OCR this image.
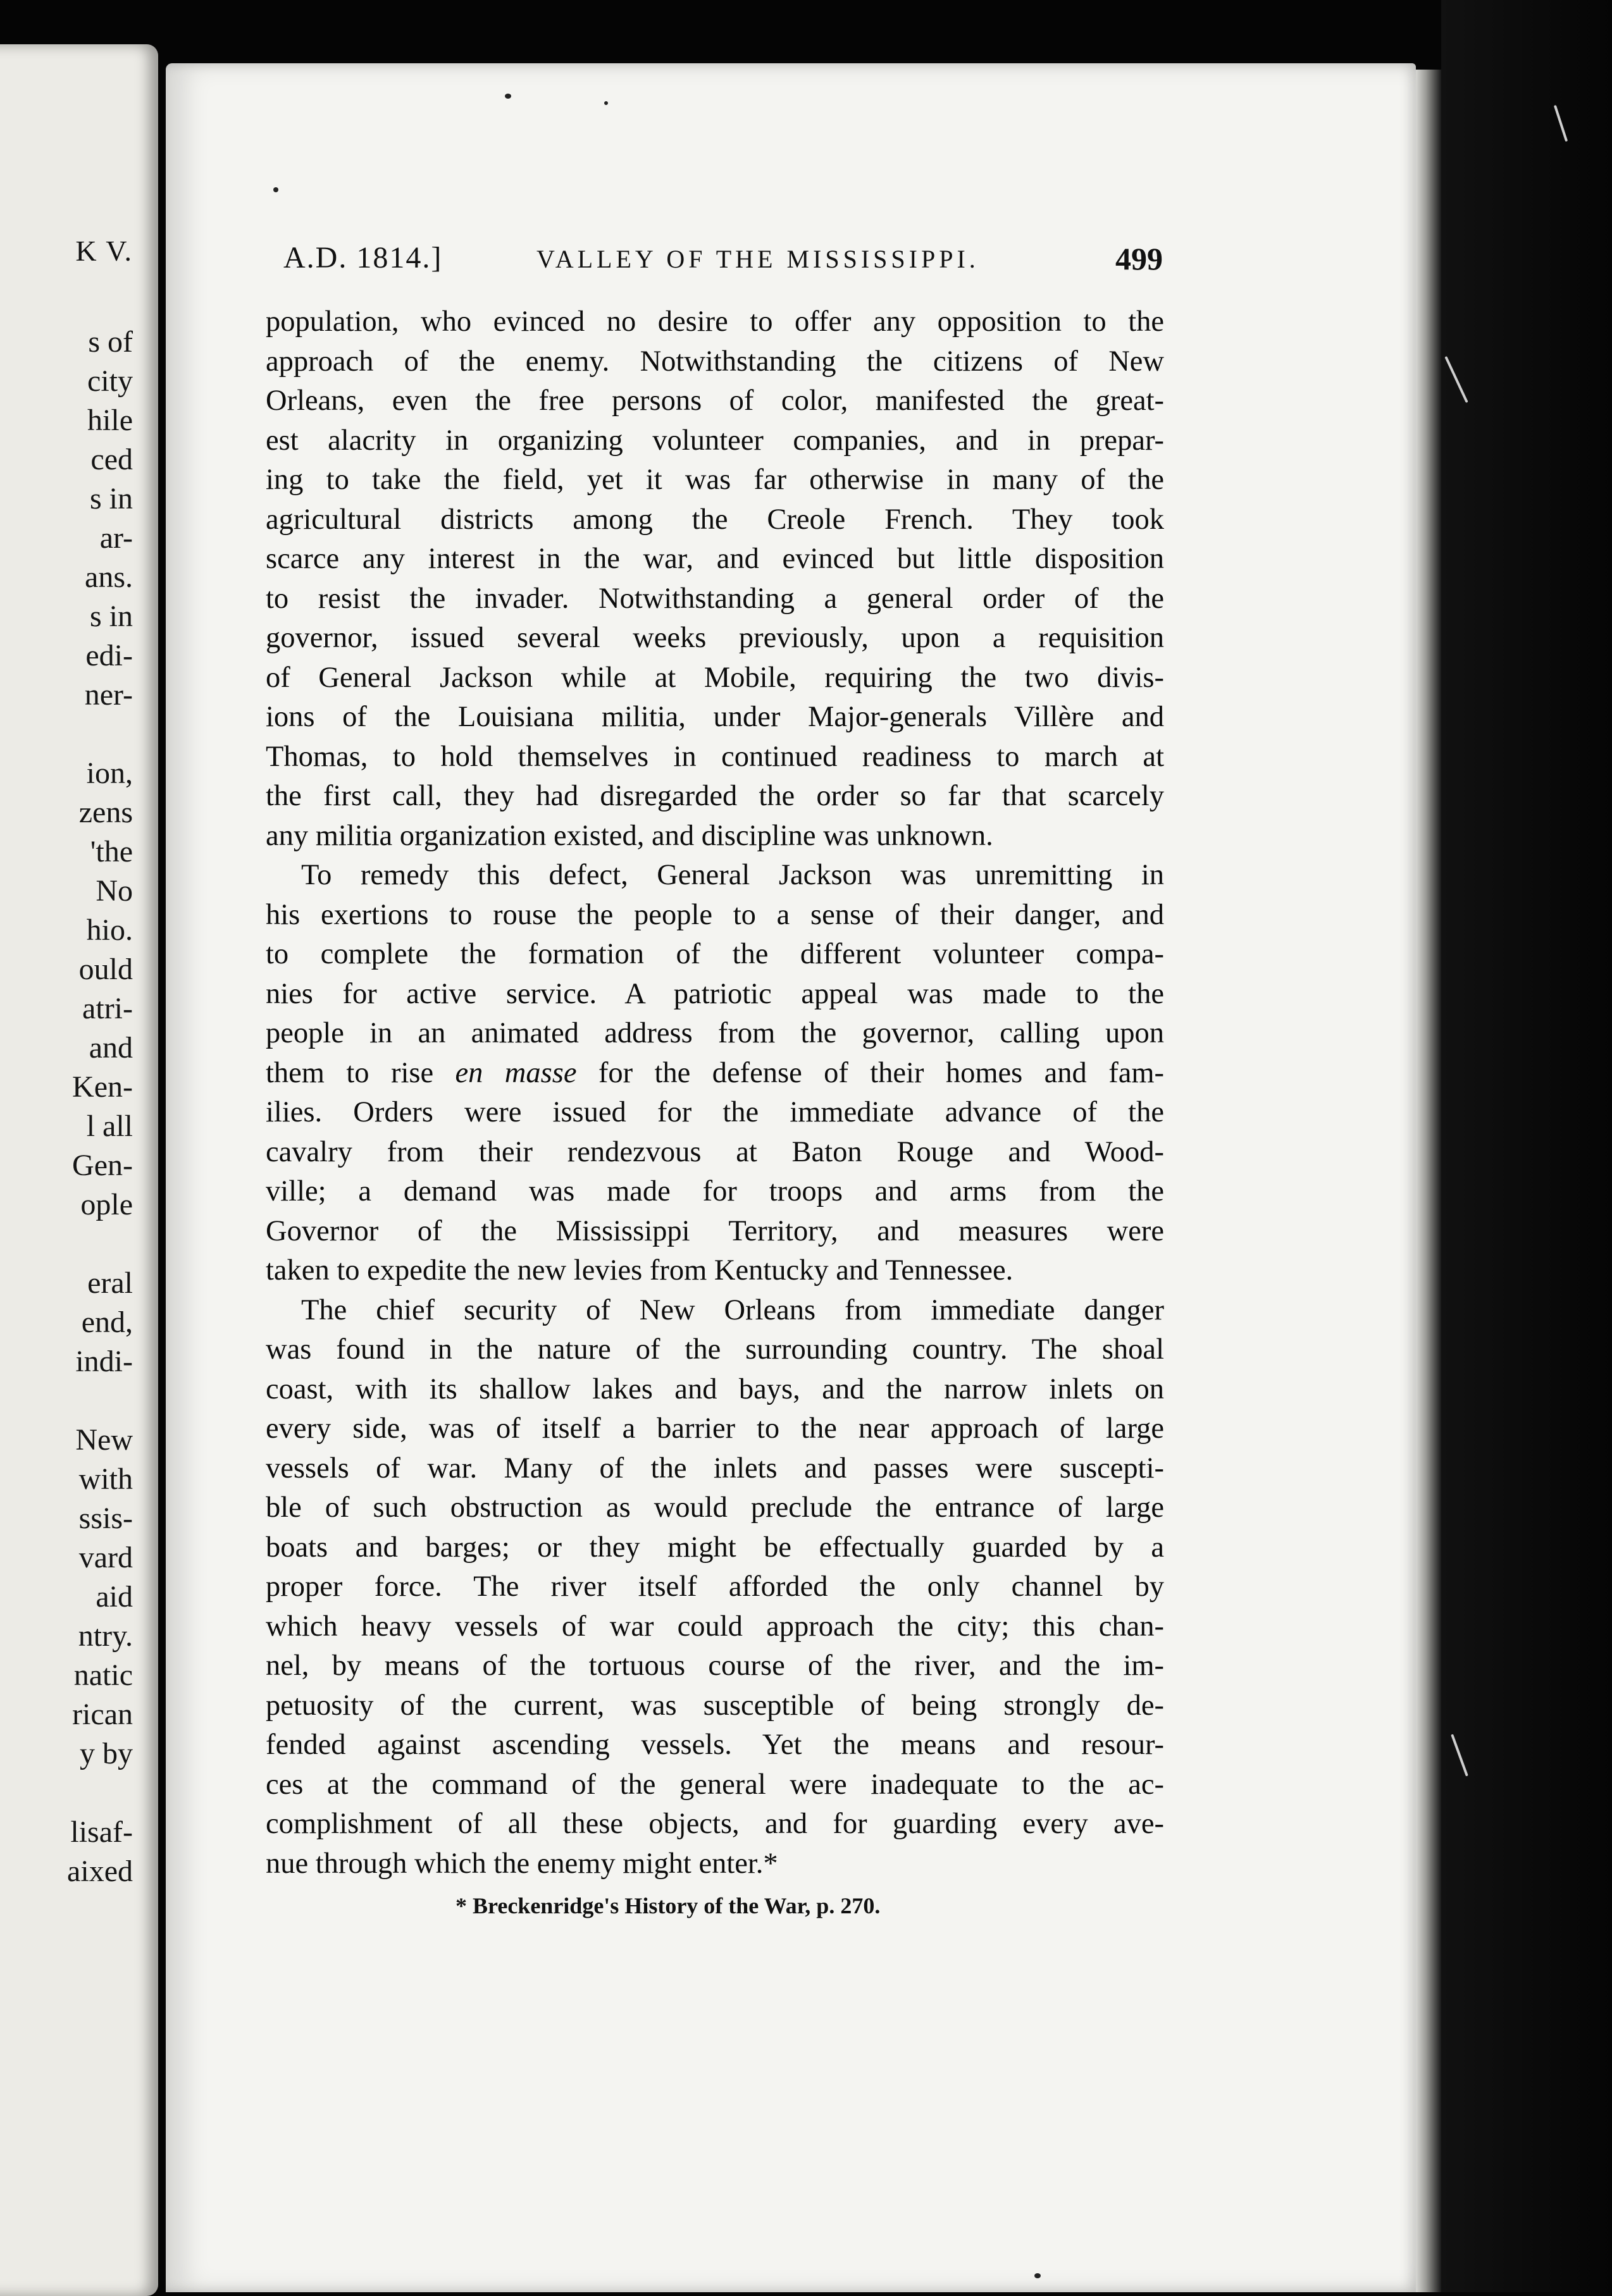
K V.
s of
city
hile
ced
s in
ar-
ans.
s in
edi-
ner-
ion,
zens
'the
No
hio.
ould
atri-
and
Ken-
l all
Gen-
ople
eral
end,
indi-
New
with
ssis-
vard
aid
ntry.
natic
rican
y by
lisaf-
aixed
A.D. 1814.]	VALLEY OF THE MISSISSIPPI.	499
population, who evinced no desire to offer any opposition to the
approach of the enemy. Notwithstanding the citizens of New
Orleans, even the free persons of color, manifested the great-
est alacrity in organizing volunteer companies, and in prepar-
ing to take the field, yet it was far otherwise in many of the
agricultural districts among the Creole French. They took
scarce any interest in the war, and evinced but little disposition
to resist the invader. Notwithstanding a general order of the
governor, issued several weeks previously, upon a requisition
of General Jackson while at Mobile, requiring the two divis-
ions of the Louisiana militia, under Major-generals Villère and
Thomas, to hold themselves in continued readiness to march at
the first call, they had disregarded the order so far that scarcely
any militia organization existed, and discipline was unknown.
To remedy this defect, General Jackson was unremitting in
his exertions to rouse the people to a sense of their danger, and
to complete the formation of the different volunteer compa-
nies for active service. A patriotic appeal was made to the
people in an animated address from the governor, calling upon
them to rise en masse for the defense of their homes and fam-
ilies. Orders were issued for the immediate advance of the
cavalry from their rendezvous at Baton Rouge and Wood-
ville; a demand was made for troops and arms from the
Governor of the Mississippi Territory, and measures were
taken to expedite the new levies from Kentucky and Tennessee.
The chief security of New Orleans from immediate danger
was found in the nature of the surrounding country. The shoal
coast, with its shallow lakes and bays, and the narrow inlets on
every side, was of itself a barrier to the near approach of large
vessels of war. Many of the inlets and passes were suscepti-
ble of such obstruction as would preclude the entrance of large
boats and barges; or they might be effectually guarded by a
proper force. The river itself afforded the only channel by
which heavy vessels of war could approach the city; this chan-
nel, by means of the tortuous course of the river, and the im-
petuosity of the current, was susceptible of being strongly de-
fended against ascending vessels. Yet the means and resour-
ces at the command of the general were inadequate to the ac-
complishment of all these objects, and for guarding every ave-
nue through which the enemy might enter.*
* Breckenridge's History of the War, p. 270.
